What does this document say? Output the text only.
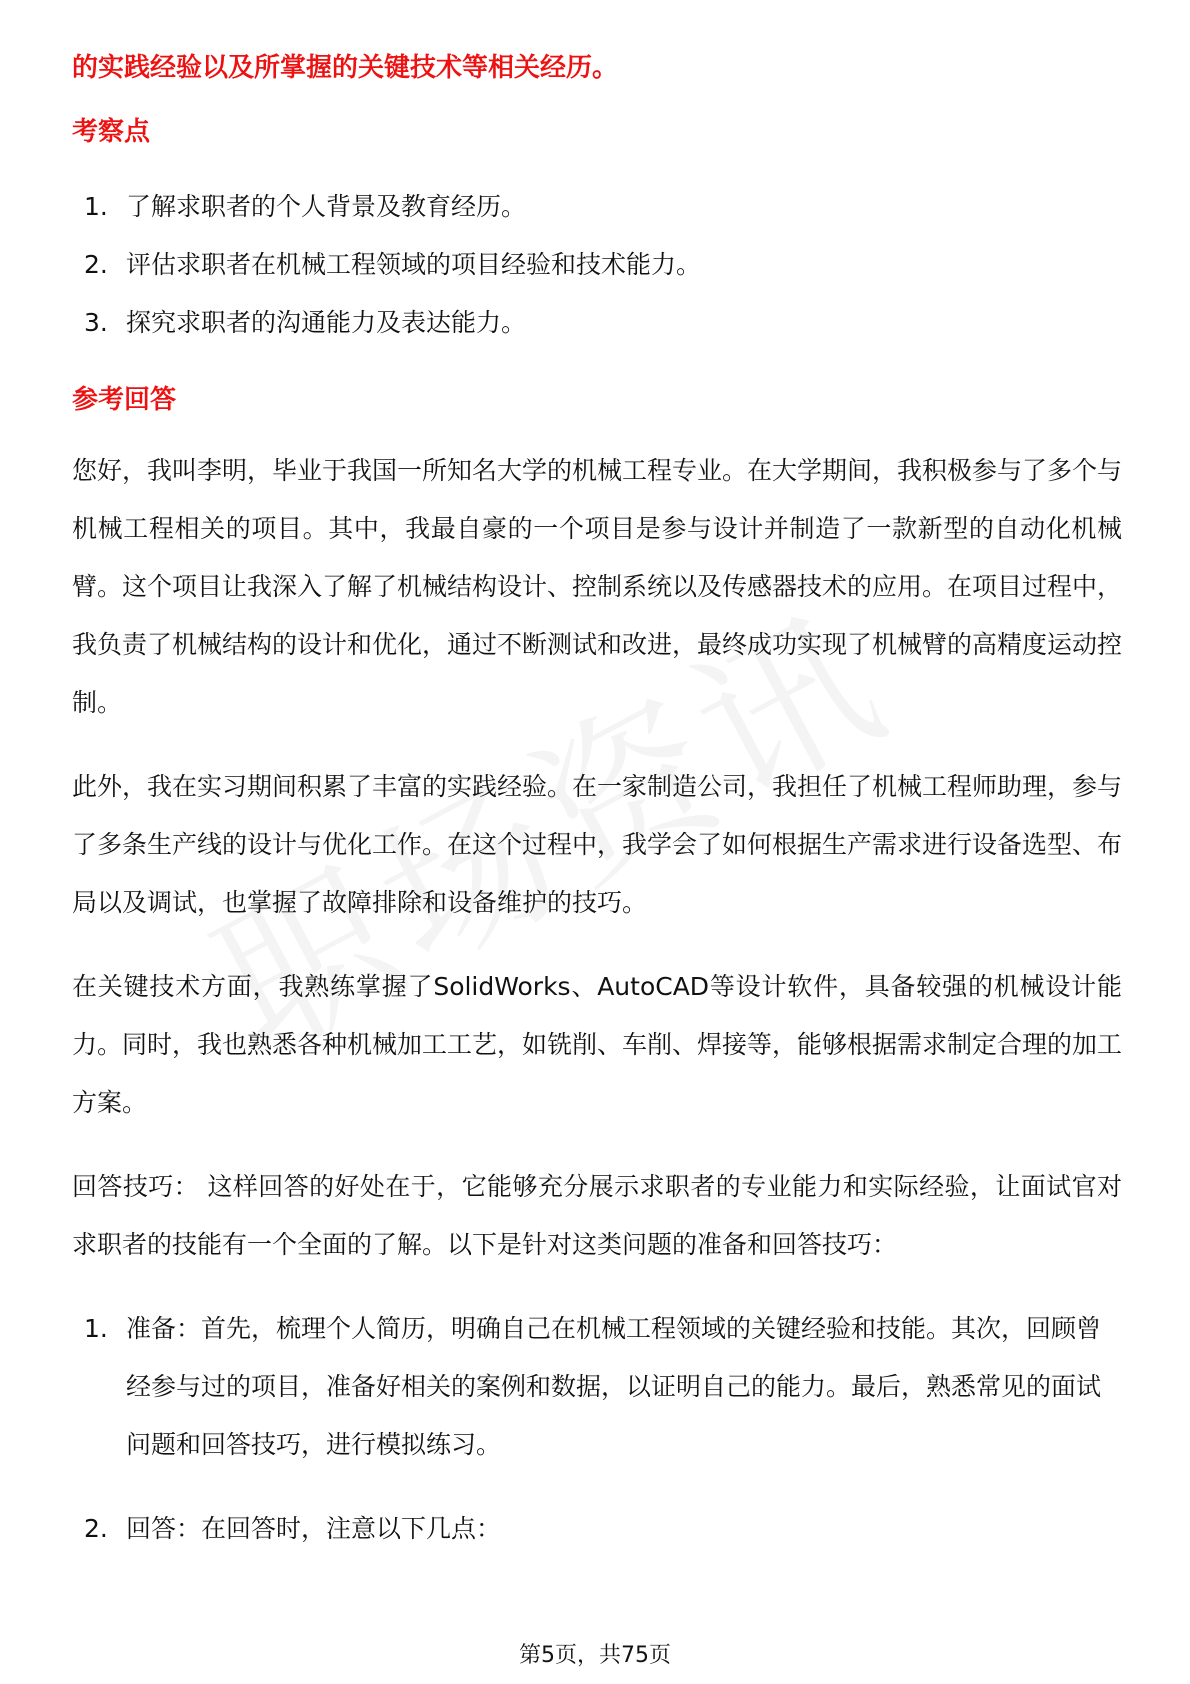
的实践经验以及所掌握的关键技术等相关经历。

考察点
1. 了解求职者的个人背景及教育经历。
2. 评估求职者在机械工程领域的项目经验和技术能力。
3. 探究求职者的沟通能力及表达能力。
参考回答

您好，我叫李明，毕业于我国一所知名大学的机械工程专业。在大学期间，我积极参与了多个与机械工程相关的项目。其中，我最自豪的一个项目是参与设计并制造了一款新型的自动化机械臂。这个项目让我深入了解了机械结构设计、控制系统以及传感器技术的应用。在项目过程中，我负责了机械结构的设计和优化，通过不断测试和改进，最终成功实现了机械臂的高精度运动控制。

此外，我在实习期间积累了丰富的实践经验。在一家制造公司，我担任了机械工程师助理，参与了多条生产线的设计与优化工作。在这个过程中，我学会了如何根据生产需求进行设备选型、布局以及调试，也掌握了故障排除和设备维护的技巧。

在关键技术方面，我熟练掌握了SolidWorks、AutoCAD等设计软件，具备较强的机械设计能力。同时，我也熟悉各种机械加工工艺，如铣削、车削、焊接等，能够根据需求制定合理的加工方案。

回答技巧： 这样回答的好处在于，它能够充分展示求职者的专业能力和实际经验，让面试官对求职者的技能有一个全面的了解。以下是针对这类问题的准备和回答技巧：

1. 准备：首先，梳理个人简历，明确自己在机械工程领域的关键经验和技能。其次，回顾曾经参与过的项目，准备好相关的案例和数据，以证明自己的能力。最后，熟悉常见的面试问题和回答技巧，进行模拟练习。
2. 回答：在回答时，注意以下几点：
第5页，共75页
